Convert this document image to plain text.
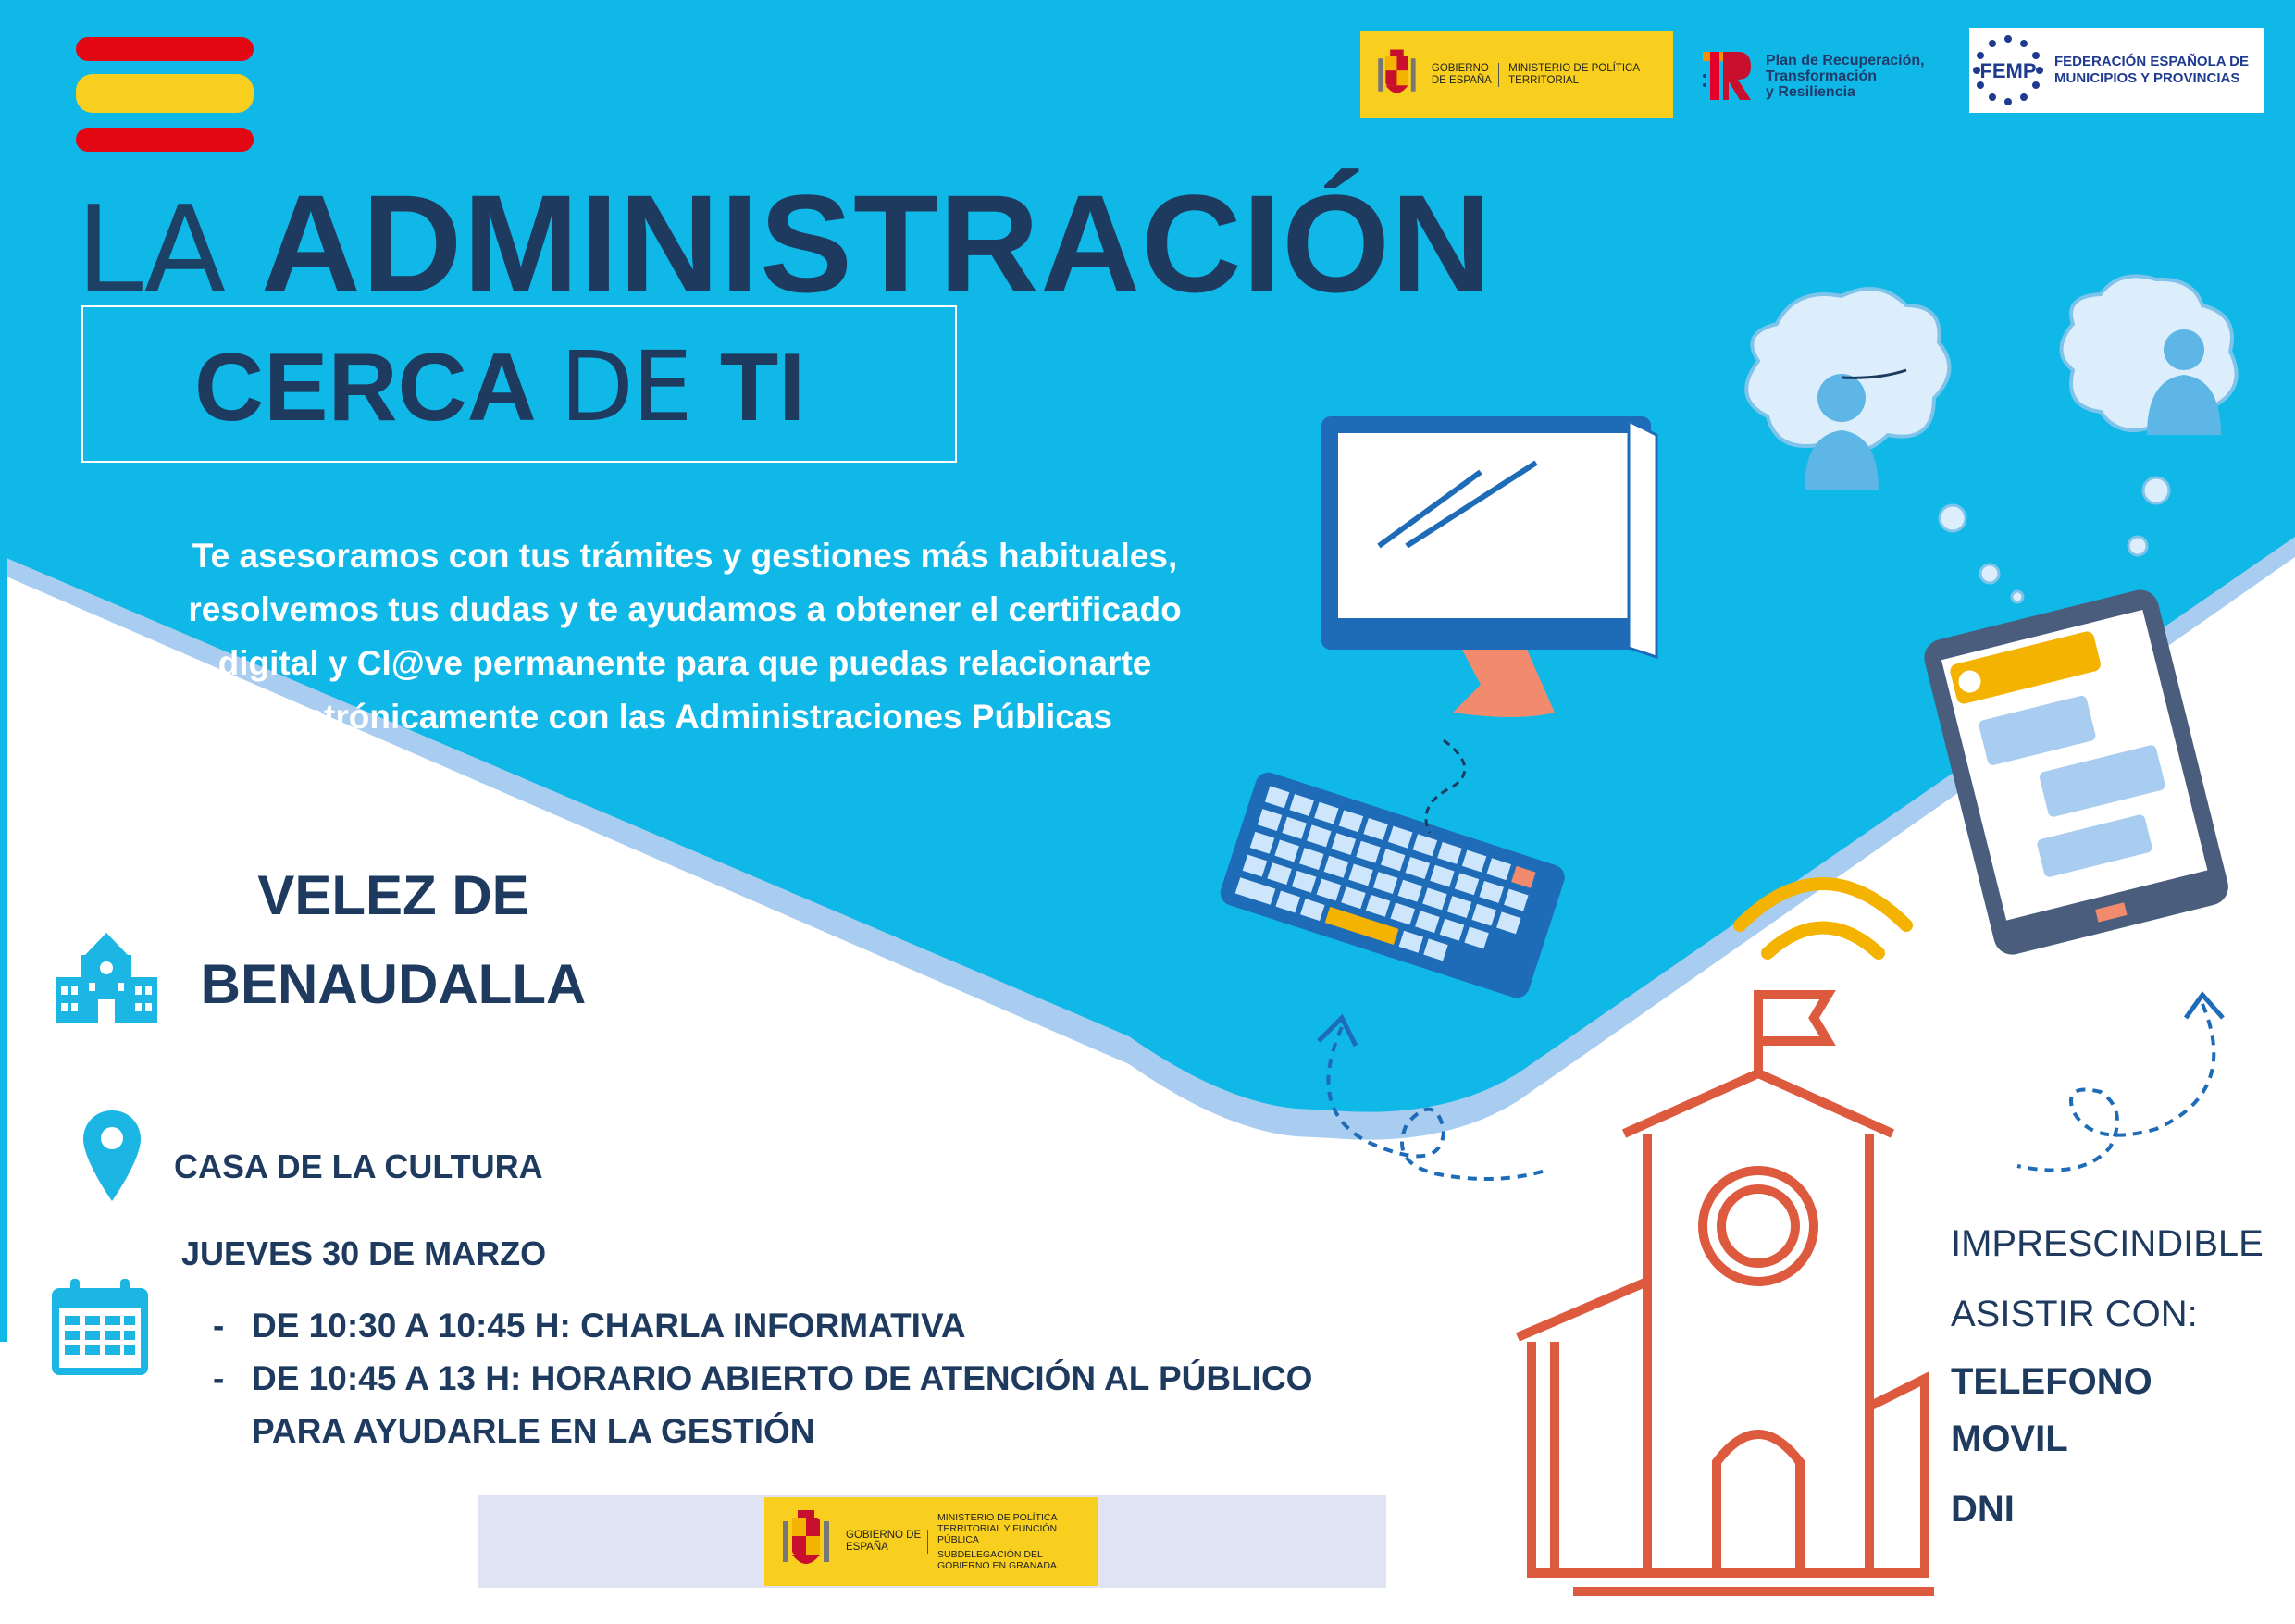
GOBIERNO DE ESPAÑA
MINISTERIO DE POLÍTICA TERRITORIAL
Plan de Recuperación,
Transformación
y Resiliencia
FEMP FEDERACIÓN ESPAÑOLA DE
MUNICIPIOS Y PROVINCIAS
LA ADMINISTRACIÓN
CERCA DE TI
Te asesoramos con tus trámites y gestiones más habituales, resolvemos tus dudas y te ayudamos a obtener el certificado digital y Cl@ve permanente para que puedas relacionarte electrónicamente con las Administraciones Públicas
VELEZ DE
BENAUDALLA
CASA DE LA CULTURA
JUEVES 30 DE MARZO
- DE 10:30 A 10:45 H: CHARLA INFORMATIVA
- DE 10:45 A 13 H: HORARIO ABIERTO DE ATENCIÓN AL PÚBLICO PARA AYUDARLE EN LA GESTIÓN
IMPRESCINDIBLE
ASISTIR CON:
TELEFONO
MOVIL
DNI
GOBIERNO DE ESPAÑA
MINISTERIO DE POLÍTICA TERRITORIAL Y FUNCIÓN PÚBLICA
SUBDELEGACIÓN DEL GOBIERNO EN GRANADA
